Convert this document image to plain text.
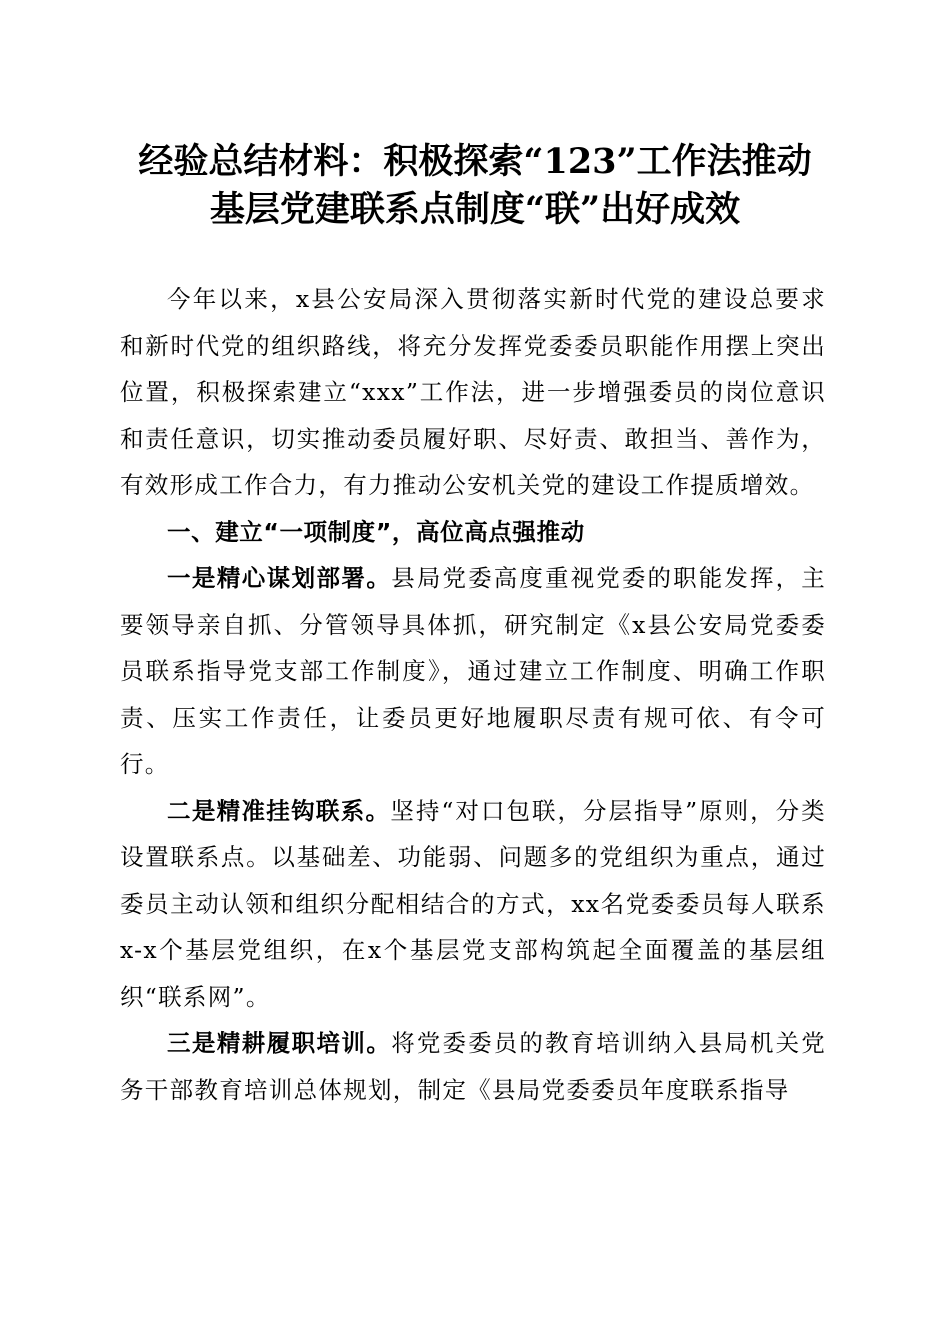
经验总结材料：积极探索“123”工作法推动
基层党建联系点制度“联”出好成效

今年以来，x县公安局深入贯彻落实新时代党的建设总要求和新时代党的组织路线，将充分发挥党委委员职能作用摆上突出位置，积极探索建立“xxx”工作法，进一步增强委员的岗位意识和责任意识，切实推动委员履好职、尽好责、敢担当、善作为，有效形成工作合力，有力推动公安机关党的建设工作提质增效。

一、建立“一项制度”，高位高点强推动

一是精心谋划部署。县局党委高度重视党委的职能发挥，主要领导亲自抓、分管领导具体抓，研究制定《x县公安局党委委员联系指导党支部工作制度》，通过建立工作制度、明确工作职责、压实工作责任，让委员更好地履职尽责有规可依、有令可行。

二是精准挂钩联系。坚持“对口包联，分层指导”原则，分类设置联系点。以基础差、功能弱、问题多的党组织为重点，通过委员主动认领和组织分配相结合的方式，xx名党委委员每人联系x-x个基层党组织，在x个基层党支部构筑起全面覆盖的基层组织“联系网”。

三是精耕履职培训。将党委委员的教育培训纳入县局机关党务干部教育培训总体规划，制定《县局党委委员年度联系指导
